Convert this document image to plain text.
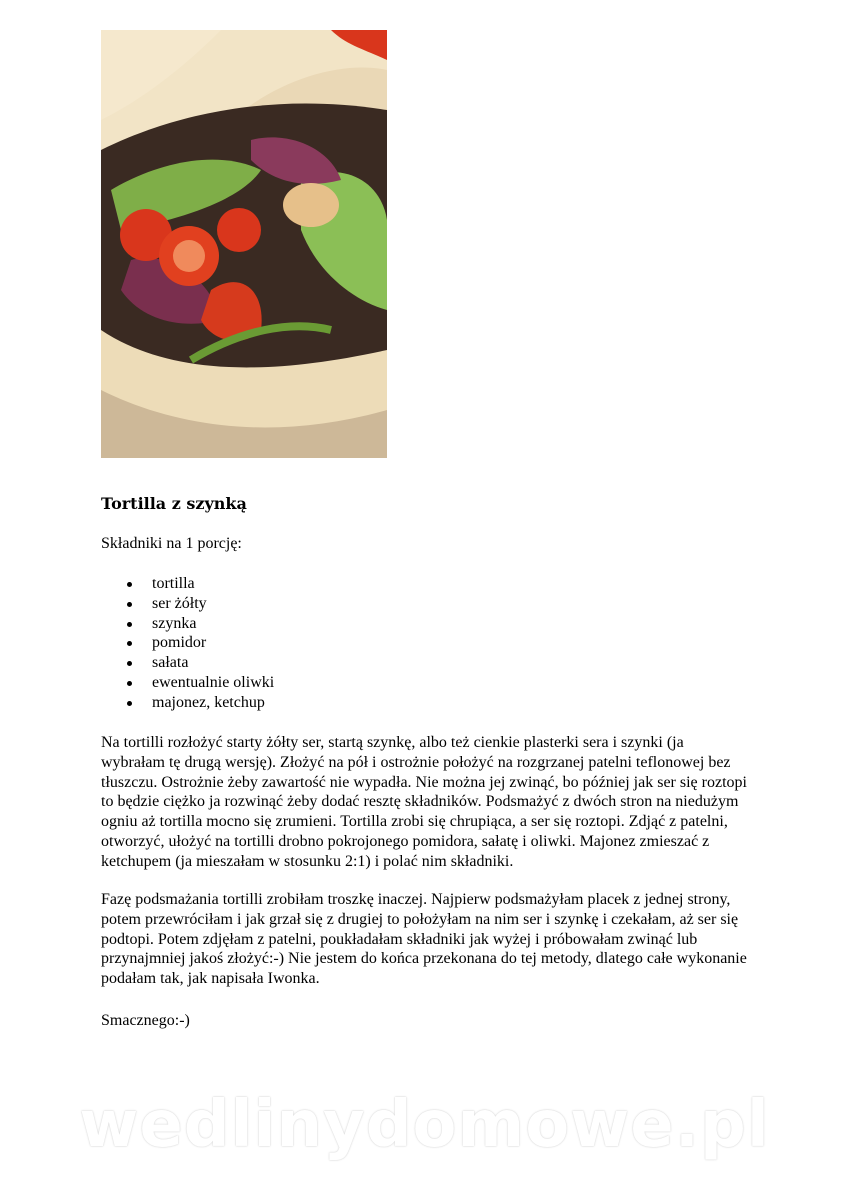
Tortilla z szynką
Składniki na 1 porcję:
tortilla
ser żółty
szynka
pomidor
sałata
ewentualnie oliwki
majonez, ketchup

Na tortilli rozłożyć starty żółty ser, startą szynkę, albo też cienkie plasterki sera i szynki (ja wybrałam tę drugą wersję). Złożyć na pół i ostrożnie położyć na rozgrzanej patelni teflonowej bez tłuszczu. Ostrożnie żeby zawartość nie wypadła. Nie można jej zwinąć, bo później jak ser się roztopi to będzie ciężko ja rozwinąć żeby dodać resztę składników. Podsmażyć z dwóch stron na niedużym ogniu aż tortilla mocno się zrumieni. Tortilla zrobi się chrupiąca, a ser się roztopi. Zdjąć z patelni, otworzyć, ułożyć na tortilli drobno pokrojonego pomidora, sałatę i oliwki. Majonez zmieszać z ketchupem (ja mieszałam w stosunku 2:1) i polać nim składniki.

Fazę podsmażania tortilli zrobiłam troszkę inaczej. Najpierw podsmażyłam placek z jednej strony, potem przewróciłam i jak grzał się z drugiej to położyłam na nim ser i szynkę i czekałam, aż ser się podtopi. Potem zdjęłam z patelni, poukładałam składniki jak wyżej i próbowałam zwinąć lub przynajmniej jakoś złożyć:-) Nie jestem do końca przekonana do tej metody, dlatego całe wykonanie podałam tak, jak napisała Iwonka.

Smacznego:-)

wedlinydomowe.pl
